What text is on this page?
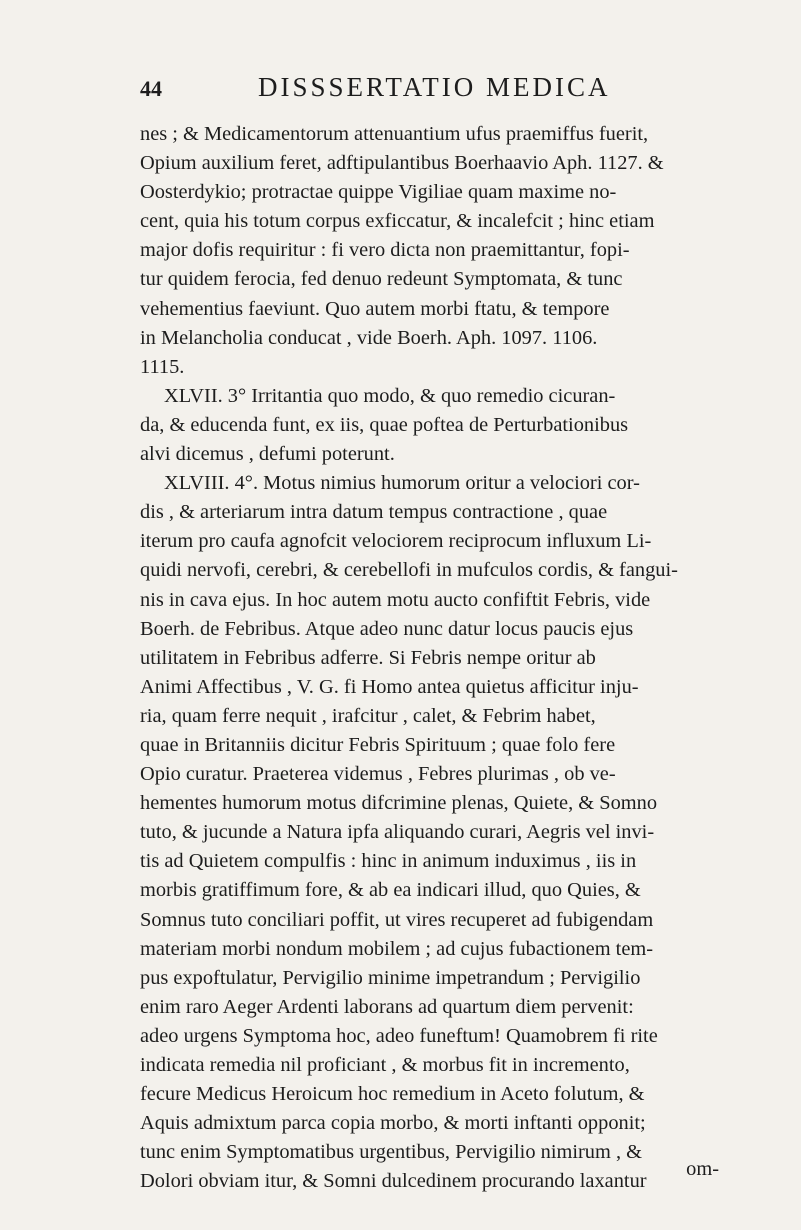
44	DISSSERTATIO MEDICA
nes ; & Medicamentorum attenuantium ufus praemiffus fuerit,
Opium auxilium feret, adftipulantibus Boerhaavio Aph. 1127. &
Oosterdykio; protractae quippe Vigiliae quam maxime no-
cent, quia his totum corpus exficcatur, & incalefcit ; hinc etiam
major dofis requiritur : fi vero dicta non praemittantur, fopi-
tur quidem ferocia, fed denuo redeunt Symptomata, & tunc
vehementius faeviunt. Quo autem morbi ftatu, & tempore
in Melancholia conducat , vide Boerh. Aph. 1097. 1106.
1115.
XLVII. 3° Irritantia quo modo, & quo remedio cicuran-
da, & educenda funt, ex iis, quae poftea de Perturbationibus
alvi dicemus , defumi poterunt.
XLVIII. 4°. Motus nimius humorum oritur a velociori cor-
dis , & arteriarum intra datum tempus contractione , quae
iterum pro caufa agnofcit velociorem reciprocum influxum Li-
quidi nervofi, cerebri, & cerebellofi in mufculos cordis, & fangui-
nis in cava ejus. In hoc autem motu aucto confiftit Febris, vide
Boerh. de Febribus. Atque adeo nunc datur locus paucis ejus
utilitatem in Febribus adferre. Si Febris nempe oritur ab
Animi Affectibus , V. G. fi Homo antea quietus afficitur inju-
ria, quam ferre nequit , irafcitur , calet, & Febrim habet,
quae in Britanniis dicitur Febris Spirituum ; quae folo fere
Opio curatur. Praeterea videmus , Febres plurimas , ob ve-
hementes humorum motus difcrimine plenas, Quiete, & Somno
tuto, & jucunde a Natura ipfa aliquando curari, Aegris vel invi-
tis ad Quietem compulfis : hinc in animum induximus , iis in
morbis gratiffimum fore, & ab ea indicari illud, quo Quies, &
Somnus tuto conciliari poffit, ut vires recuperet ad fubigendam
materiam morbi nondum mobilem ; ad cujus fubactionem tem-
pus expoftulatur, Pervigilio minime impetrandum ; Pervigilio
enim raro Aeger Ardenti laborans ad quartum diem pervenit:
adeo urgens Symptoma hoc, adeo funeftum! Quamobrem fi rite
indicata remedia nil proficiant , & morbus fit in incremento,
fecure Medicus Heroicum hoc remedium in Aceto folutum, &
Aquis admixtum parca copia morbo, & morti inftanti opponit;
tunc enim Symptomatibus urgentibus, Pervigilio nimirum , &
Dolori obviam itur, & Somni dulcedinem procurando laxantur
om-
